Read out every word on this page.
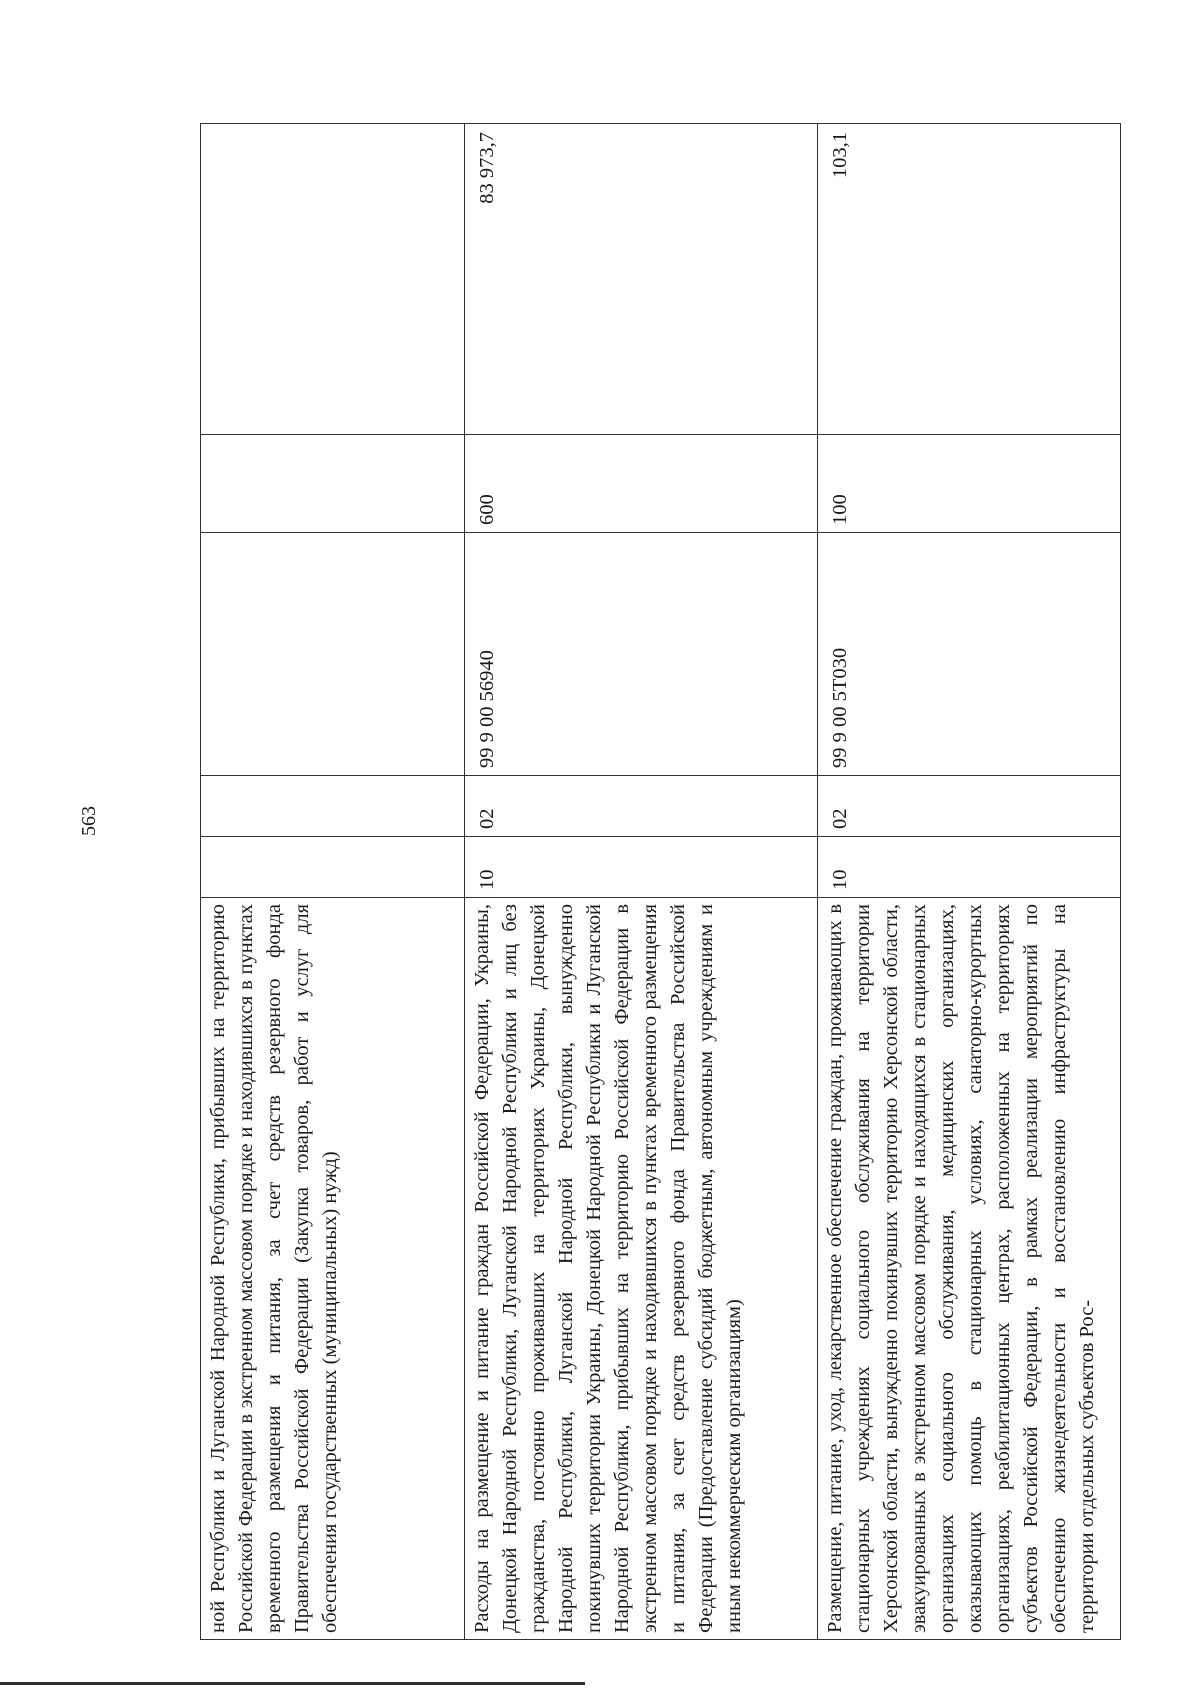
563
ной Республики и Луганской Народной Республики, прибывших на территорию Российской Федерации в экстренном массовом порядке и находившихся в пунктах временного размещения и питания, за счет средств резервного фонда Правительства Российской Федерации (Закупка товаров, работ и услуг для обеспечения государственных (муниципальных) нужд)					
Расходы на размещение и питание граждан Российской Федерации, Украины, Донецкой Народной Республики, Луганской Народной Республики и лиц без гражданства, постоянно проживавших на территориях Украины, Донецкой Народной Республики, Луганской Народной Республики, вынужденно покинувших территории Украины, Донецкой Народной Республики и Луганской Народной Республики, прибывших на территорию Российской Федерации в экстренном массовом порядке и находившихся в пунктах временного размещения и питания, за счет средств резервного фонда Правительства Российской Федерации (Предоставление субсидий бюджетным, автономным учреждениям и иным некоммерческим организациям)	10	02	99 9 00 56940	600	83 973,7
Размещение, питание, уход, лекарственное обеспечение граждан, проживающих в стационарных учреждениях социального обслуживания на территории Херсонской области, вынужденно покинувших территорию Херсонской области, эвакуированных в экстренном массовом порядке и находящихся в стационарных организациях социального обслуживания, медицинских организациях, оказывающих помощь в стационарных условиях, санаторно-курортных организациях, реабилитационных центрах, расположенных на территориях субъектов Российской Федерации, в рамках реализации мероприятий по обеспечению жизнедеятельности и восстановлению инфраструктуры на территории отдельных субъектов Рос-	10	02	99 9 00 5T030	100	103,1
